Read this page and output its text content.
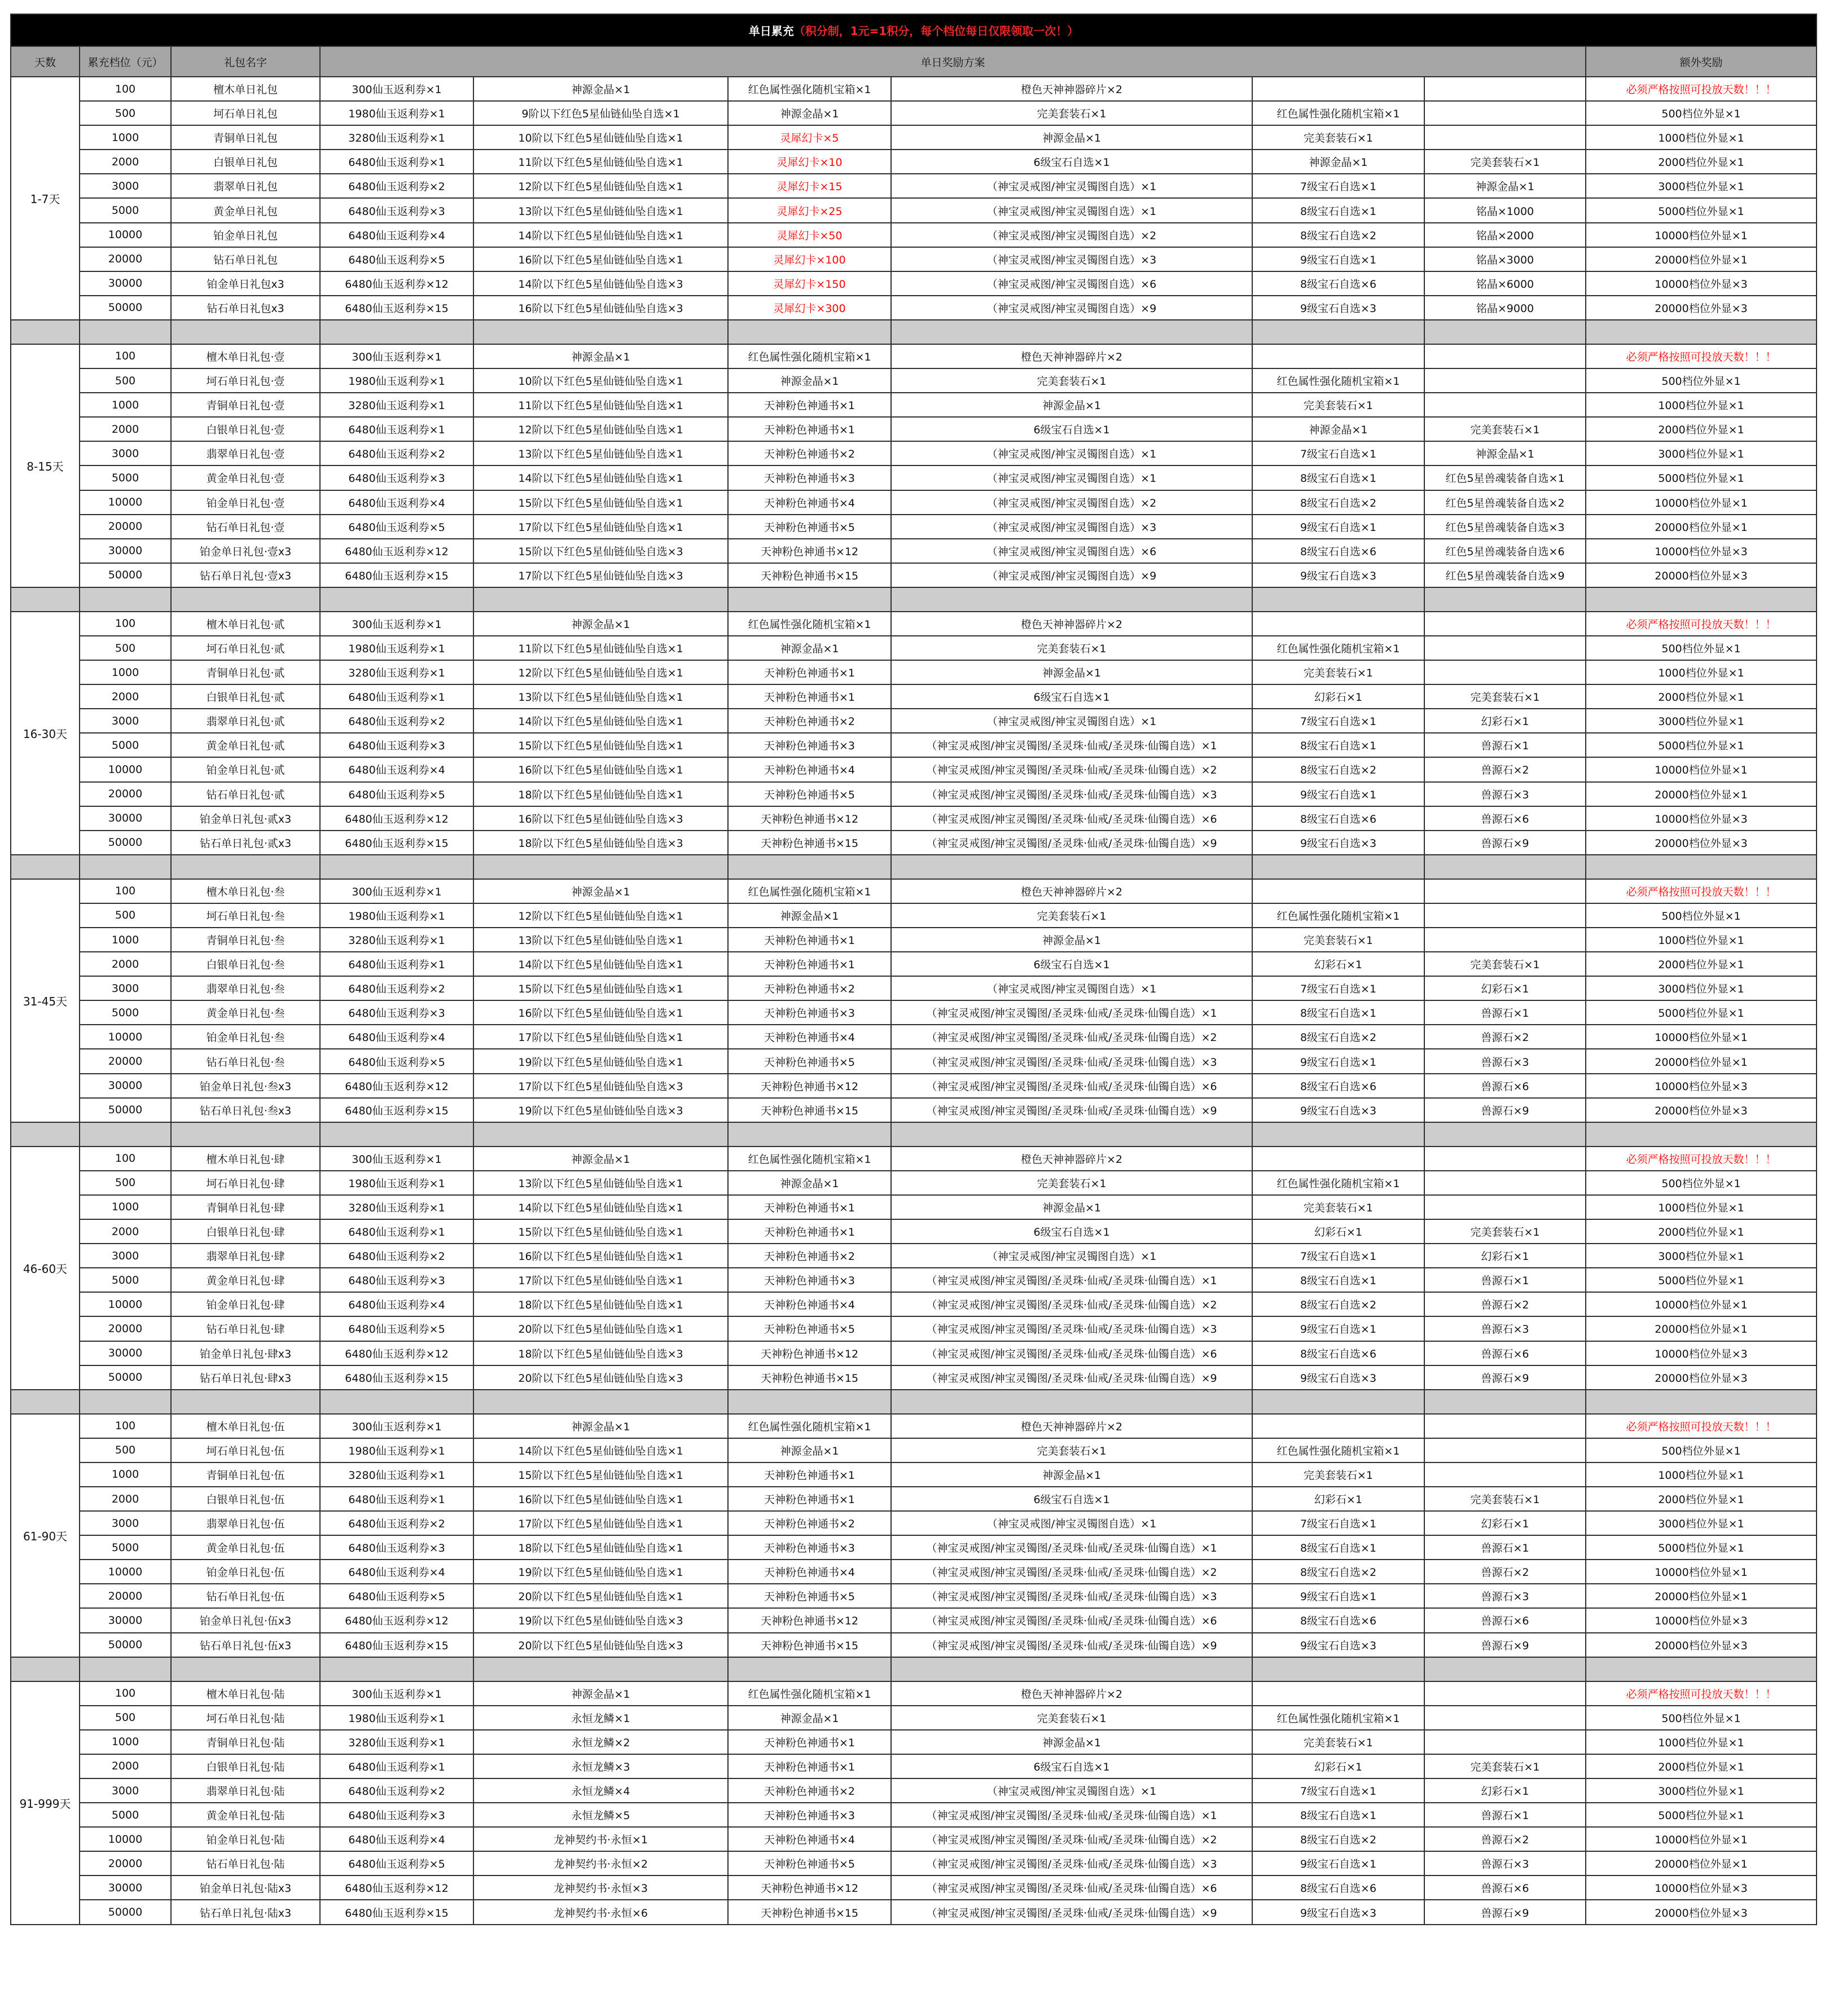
单日累充（积分制，1元=1积分，每个档位每日仅限领取一次！）									
天数	累充档位（元）	礼包名字	单日奖励方案						额外奖励
1-7天	100	檀木单日礼包	300仙玉返利券×1	神源金晶×1	红色属性强化随机宝箱×1	橙色天神神器碎片×2			必须严格按照可投放天数！！！
	500	坷石单日礼包	1980仙玉返利券×1	9阶以下红色5星仙链仙坠自选×1	神源金晶×1	完美套装石×1	红色属性强化随机宝箱×1		500档位外显×1
	1000	青铜单日礼包	3280仙玉返利券×1	10阶以下红色5星仙链仙坠自选×1	灵犀幻卡×5	神源金晶×1	完美套装石×1		1000档位外显×1
	2000	白银单日礼包	6480仙玉返利券×1	11阶以下红色5星仙链仙坠自选×1	灵犀幻卡×10	6级宝石自选×1	神源金晶×1	完美套装石×1	2000档位外显×1
	3000	翡翠单日礼包	6480仙玉返利券×2	12阶以下红色5星仙链仙坠自选×1	灵犀幻卡×15	（神宝灵戒图/神宝灵镯图自选）×1	7级宝石自选×1	神源金晶×1	3000档位外显×1
	5000	黄金单日礼包	6480仙玉返利券×3	13阶以下红色5星仙链仙坠自选×1	灵犀幻卡×25	（神宝灵戒图/神宝灵镯图自选）×1	8级宝石自选×1	铭晶×1000	5000档位外显×1
	10000	铂金单日礼包	6480仙玉返利券×4	14阶以下红色5星仙链仙坠自选×1	灵犀幻卡×50	（神宝灵戒图/神宝灵镯图自选）×2	8级宝石自选×2	铭晶×2000	10000档位外显×1
	20000	钻石单日礼包	6480仙玉返利券×5	16阶以下红色5星仙链仙坠自选×1	灵犀幻卡×100	（神宝灵戒图/神宝灵镯图自选）×3	9级宝石自选×1	铭晶×3000	20000档位外显×1
	30000	铂金单日礼包x3	6480仙玉返利券×12	14阶以下红色5星仙链仙坠自选×3	灵犀幻卡×150	（神宝灵戒图/神宝灵镯图自选）×6	8级宝石自选×6	铭晶×6000	10000档位外显×3
	50000	钻石单日礼包x3	6480仙玉返利券×15	16阶以下红色5星仙链仙坠自选×3	灵犀幻卡×300	（神宝灵戒图/神宝灵镯图自选）×9	9级宝石自选×3	铭晶×9000	20000档位外显×3

8-15天	100	檀木单日礼包·壹	300仙玉返利券×1	神源金晶×1	红色属性强化随机宝箱×1	橙色天神神器碎片×2			必须严格按照可投放天数！！！
	500	坷石单日礼包·壹	1980仙玉返利券×1	10阶以下红色5星仙链仙坠自选×1	神源金晶×1	完美套装石×1	红色属性强化随机宝箱×1		500档位外显×1
	1000	青铜单日礼包·壹	3280仙玉返利券×1	11阶以下红色5星仙链仙坠自选×1	天神粉色神通书×1	神源金晶×1	完美套装石×1		1000档位外显×1
	2000	白银单日礼包·壹	6480仙玉返利券×1	12阶以下红色5星仙链仙坠自选×1	天神粉色神通书×1	6级宝石自选×1	神源金晶×1	完美套装石×1	2000档位外显×1
	3000	翡翠单日礼包·壹	6480仙玉返利券×2	13阶以下红色5星仙链仙坠自选×1	天神粉色神通书×2	（神宝灵戒图/神宝灵镯图自选）×1	7级宝石自选×1	神源金晶×1	3000档位外显×1
	5000	黄金单日礼包·壹	6480仙玉返利券×3	14阶以下红色5星仙链仙坠自选×1	天神粉色神通书×3	（神宝灵戒图/神宝灵镯图自选）×1	8级宝石自选×1	红色5星兽魂装备自选×1	5000档位外显×1
	10000	铂金单日礼包·壹	6480仙玉返利券×4	15阶以下红色5星仙链仙坠自选×1	天神粉色神通书×4	（神宝灵戒图/神宝灵镯图自选）×2	8级宝石自选×2	红色5星兽魂装备自选×2	10000档位外显×1
	20000	钻石单日礼包·壹	6480仙玉返利券×5	17阶以下红色5星仙链仙坠自选×1	天神粉色神通书×5	（神宝灵戒图/神宝灵镯图自选）×3	9级宝石自选×1	红色5星兽魂装备自选×3	20000档位外显×1
	30000	铂金单日礼包·壹x3	6480仙玉返利券×12	15阶以下红色5星仙链仙坠自选×3	天神粉色神通书×12	（神宝灵戒图/神宝灵镯图自选）×6	8级宝石自选×6	红色5星兽魂装备自选×6	10000档位外显×3
	50000	钻石单日礼包·壹x3	6480仙玉返利券×15	17阶以下红色5星仙链仙坠自选×3	天神粉色神通书×15	（神宝灵戒图/神宝灵镯图自选）×9	9级宝石自选×3	红色5星兽魂装备自选×9	20000档位外显×3

16-30天	100	檀木单日礼包·贰	300仙玉返利券×1	神源金晶×1	红色属性强化随机宝箱×1	橙色天神神器碎片×2			必须严格按照可投放天数！！！
	500	坷石单日礼包·贰	1980仙玉返利券×1	11阶以下红色5星仙链仙坠自选×1	神源金晶×1	完美套装石×1	红色属性强化随机宝箱×1		500档位外显×1
	1000	青铜单日礼包·贰	3280仙玉返利券×1	12阶以下红色5星仙链仙坠自选×1	天神粉色神通书×1	神源金晶×1	完美套装石×1		1000档位外显×1
	2000	白银单日礼包·贰	6480仙玉返利券×1	13阶以下红色5星仙链仙坠自选×1	天神粉色神通书×1	6级宝石自选×1	幻彩石×1	完美套装石×1	2000档位外显×1
	3000	翡翠单日礼包·贰	6480仙玉返利券×2	14阶以下红色5星仙链仙坠自选×1	天神粉色神通书×2	（神宝灵戒图/神宝灵镯图自选）×1	7级宝石自选×1	幻彩石×1	3000档位外显×1
	5000	黄金单日礼包·贰	6480仙玉返利券×3	15阶以下红色5星仙链仙坠自选×1	天神粉色神通书×3	（神宝灵戒图/神宝灵镯图/圣灵珠·仙戒/圣灵珠·仙镯自选）×1	8级宝石自选×1	兽源石×1	5000档位外显×1
	10000	铂金单日礼包·贰	6480仙玉返利券×4	16阶以下红色5星仙链仙坠自选×1	天神粉色神通书×4	（神宝灵戒图/神宝灵镯图/圣灵珠·仙戒/圣灵珠·仙镯自选）×2	8级宝石自选×2	兽源石×2	10000档位外显×1
	20000	钻石单日礼包·贰	6480仙玉返利券×5	18阶以下红色5星仙链仙坠自选×1	天神粉色神通书×5	（神宝灵戒图/神宝灵镯图/圣灵珠·仙戒/圣灵珠·仙镯自选）×3	9级宝石自选×1	兽源石×3	20000档位外显×1
	30000	铂金单日礼包·贰x3	6480仙玉返利券×12	16阶以下红色5星仙链仙坠自选×3	天神粉色神通书×12	（神宝灵戒图/神宝灵镯图/圣灵珠·仙戒/圣灵珠·仙镯自选）×6	8级宝石自选×6	兽源石×6	10000档位外显×3
	50000	钻石单日礼包·贰x3	6480仙玉返利券×15	18阶以下红色5星仙链仙坠自选×3	天神粉色神通书×15	（神宝灵戒图/神宝灵镯图/圣灵珠·仙戒/圣灵珠·仙镯自选）×9	9级宝石自选×3	兽源石×9	20000档位外显×3

31-45天	100	檀木单日礼包·叁	300仙玉返利券×1	神源金晶×1	红色属性强化随机宝箱×1	橙色天神神器碎片×2			必须严格按照可投放天数！！！
	500	坷石单日礼包·叁	1980仙玉返利券×1	12阶以下红色5星仙链仙坠自选×1	神源金晶×1	完美套装石×1	红色属性强化随机宝箱×1		500档位外显×1
	1000	青铜单日礼包·叁	3280仙玉返利券×1	13阶以下红色5星仙链仙坠自选×1	天神粉色神通书×1	神源金晶×1	完美套装石×1		1000档位外显×1
	2000	白银单日礼包·叁	6480仙玉返利券×1	14阶以下红色5星仙链仙坠自选×1	天神粉色神通书×1	6级宝石自选×1	幻彩石×1	完美套装石×1	2000档位外显×1
	3000	翡翠单日礼包·叁	6480仙玉返利券×2	15阶以下红色5星仙链仙坠自选×1	天神粉色神通书×2	（神宝灵戒图/神宝灵镯图自选）×1	7级宝石自选×1	幻彩石×1	3000档位外显×1
	5000	黄金单日礼包·叁	6480仙玉返利券×3	16阶以下红色5星仙链仙坠自选×1	天神粉色神通书×3	（神宝灵戒图/神宝灵镯图/圣灵珠·仙戒/圣灵珠·仙镯自选）×1	8级宝石自选×1	兽源石×1	5000档位外显×1
	10000	铂金单日礼包·叁	6480仙玉返利券×4	17阶以下红色5星仙链仙坠自选×1	天神粉色神通书×4	（神宝灵戒图/神宝灵镯图/圣灵珠·仙戒/圣灵珠·仙镯自选）×2	8级宝石自选×2	兽源石×2	10000档位外显×1
	20000	钻石单日礼包·叁	6480仙玉返利券×5	19阶以下红色5星仙链仙坠自选×1	天神粉色神通书×5	（神宝灵戒图/神宝灵镯图/圣灵珠·仙戒/圣灵珠·仙镯自选）×3	9级宝石自选×1	兽源石×3	20000档位外显×1
	30000	铂金单日礼包·叁x3	6480仙玉返利券×12	17阶以下红色5星仙链仙坠自选×3	天神粉色神通书×12	（神宝灵戒图/神宝灵镯图/圣灵珠·仙戒/圣灵珠·仙镯自选）×6	8级宝石自选×6	兽源石×6	10000档位外显×3
	50000	钻石单日礼包·叁x3	6480仙玉返利券×15	19阶以下红色5星仙链仙坠自选×3	天神粉色神通书×15	（神宝灵戒图/神宝灵镯图/圣灵珠·仙戒/圣灵珠·仙镯自选）×9	9级宝石自选×3	兽源石×9	20000档位外显×3

46-60天	100	檀木单日礼包·肆	300仙玉返利券×1	神源金晶×1	红色属性强化随机宝箱×1	橙色天神神器碎片×2			必须严格按照可投放天数！！！
	500	坷石单日礼包·肆	1980仙玉返利券×1	13阶以下红色5星仙链仙坠自选×1	神源金晶×1	完美套装石×1	红色属性强化随机宝箱×1		500档位外显×1
	1000	青铜单日礼包·肆	3280仙玉返利券×1	14阶以下红色5星仙链仙坠自选×1	天神粉色神通书×1	神源金晶×1	完美套装石×1		1000档位外显×1
	2000	白银单日礼包·肆	6480仙玉返利券×1	15阶以下红色5星仙链仙坠自选×1	天神粉色神通书×1	6级宝石自选×1	幻彩石×1	完美套装石×1	2000档位外显×1
	3000	翡翠单日礼包·肆	6480仙玉返利券×2	16阶以下红色5星仙链仙坠自选×1	天神粉色神通书×2	（神宝灵戒图/神宝灵镯图自选）×1	7级宝石自选×1	幻彩石×1	3000档位外显×1
	5000	黄金单日礼包·肆	6480仙玉返利券×3	17阶以下红色5星仙链仙坠自选×1	天神粉色神通书×3	（神宝灵戒图/神宝灵镯图/圣灵珠·仙戒/圣灵珠·仙镯自选）×1	8级宝石自选×1	兽源石×1	5000档位外显×1
	10000	铂金单日礼包·肆	6480仙玉返利券×4	18阶以下红色5星仙链仙坠自选×1	天神粉色神通书×4	（神宝灵戒图/神宝灵镯图/圣灵珠·仙戒/圣灵珠·仙镯自选）×2	8级宝石自选×2	兽源石×2	10000档位外显×1
	20000	钻石单日礼包·肆	6480仙玉返利券×5	20阶以下红色5星仙链仙坠自选×1	天神粉色神通书×5	（神宝灵戒图/神宝灵镯图/圣灵珠·仙戒/圣灵珠·仙镯自选）×3	9级宝石自选×1	兽源石×3	20000档位外显×1
	30000	铂金单日礼包·肆x3	6480仙玉返利券×12	18阶以下红色5星仙链仙坠自选×3	天神粉色神通书×12	（神宝灵戒图/神宝灵镯图/圣灵珠·仙戒/圣灵珠·仙镯自选）×6	8级宝石自选×6	兽源石×6	10000档位外显×3
	50000	钻石单日礼包·肆x3	6480仙玉返利券×15	20阶以下红色5星仙链仙坠自选×3	天神粉色神通书×15	（神宝灵戒图/神宝灵镯图/圣灵珠·仙戒/圣灵珠·仙镯自选）×9	9级宝石自选×3	兽源石×9	20000档位外显×3

61-90天	100	檀木单日礼包·伍	300仙玉返利券×1	神源金晶×1	红色属性强化随机宝箱×1	橙色天神神器碎片×2			必须严格按照可投放天数！！！
	500	坷石单日礼包·伍	1980仙玉返利券×1	14阶以下红色5星仙链仙坠自选×1	神源金晶×1	完美套装石×1	红色属性强化随机宝箱×1		500档位外显×1
	1000	青铜单日礼包·伍	3280仙玉返利券×1	15阶以下红色5星仙链仙坠自选×1	天神粉色神通书×1	神源金晶×1	完美套装石×1		1000档位外显×1
	2000	白银单日礼包·伍	6480仙玉返利券×1	16阶以下红色5星仙链仙坠自选×1	天神粉色神通书×1	6级宝石自选×1	幻彩石×1	完美套装石×1	2000档位外显×1
	3000	翡翠单日礼包·伍	6480仙玉返利券×2	17阶以下红色5星仙链仙坠自选×1	天神粉色神通书×2	（神宝灵戒图/神宝灵镯图自选）×1	7级宝石自选×1	幻彩石×1	3000档位外显×1
	5000	黄金单日礼包·伍	6480仙玉返利券×3	18阶以下红色5星仙链仙坠自选×1	天神粉色神通书×3	（神宝灵戒图/神宝灵镯图/圣灵珠·仙戒/圣灵珠·仙镯自选）×1	8级宝石自选×1	兽源石×1	5000档位外显×1
	10000	铂金单日礼包·伍	6480仙玉返利券×4	19阶以下红色5星仙链仙坠自选×1	天神粉色神通书×4	（神宝灵戒图/神宝灵镯图/圣灵珠·仙戒/圣灵珠·仙镯自选）×2	8级宝石自选×2	兽源石×2	10000档位外显×1
	20000	钻石单日礼包·伍	6480仙玉返利券×5	20阶以下红色5星仙链仙坠自选×1	天神粉色神通书×5	（神宝灵戒图/神宝灵镯图/圣灵珠·仙戒/圣灵珠·仙镯自选）×3	9级宝石自选×1	兽源石×3	20000档位外显×1
	30000	铂金单日礼包·伍x3	6480仙玉返利券×12	19阶以下红色5星仙链仙坠自选×3	天神粉色神通书×12	（神宝灵戒图/神宝灵镯图/圣灵珠·仙戒/圣灵珠·仙镯自选）×6	8级宝石自选×6	兽源石×6	10000档位外显×3
	50000	钻石单日礼包·伍x3	6480仙玉返利券×15	20阶以下红色5星仙链仙坠自选×3	天神粉色神通书×15	（神宝灵戒图/神宝灵镯图/圣灵珠·仙戒/圣灵珠·仙镯自选）×9	9级宝石自选×3	兽源石×9	20000档位外显×3

91-999天	100	檀木单日礼包·陆	300仙玉返利券×1	神源金晶×1	红色属性强化随机宝箱×1	橙色天神神器碎片×2			必须严格按照可投放天数！！！
	500	坷石单日礼包·陆	1980仙玉返利券×1	永恒龙鳞×1	神源金晶×1	完美套装石×1	红色属性强化随机宝箱×1		500档位外显×1
	1000	青铜单日礼包·陆	3280仙玉返利券×1	永恒龙鳞×2	天神粉色神通书×1	神源金晶×1	完美套装石×1		1000档位外显×1
	2000	白银单日礼包·陆	6480仙玉返利券×1	永恒龙鳞×3	天神粉色神通书×1	6级宝石自选×1	幻彩石×1	完美套装石×1	2000档位外显×1
	3000	翡翠单日礼包·陆	6480仙玉返利券×2	永恒龙鳞×4	天神粉色神通书×2	（神宝灵戒图/神宝灵镯图自选）×1	7级宝石自选×1	幻彩石×1	3000档位外显×1
	5000	黄金单日礼包·陆	6480仙玉返利券×3	永恒龙鳞×5	天神粉色神通书×3	（神宝灵戒图/神宝灵镯图/圣灵珠·仙戒/圣灵珠·仙镯自选）×1	8级宝石自选×1	兽源石×1	5000档位外显×1
	10000	铂金单日礼包·陆	6480仙玉返利券×4	龙神契约书·永恒×1	天神粉色神通书×4	（神宝灵戒图/神宝灵镯图/圣灵珠·仙戒/圣灵珠·仙镯自选）×2	8级宝石自选×2	兽源石×2	10000档位外显×1
	20000	钻石单日礼包·陆	6480仙玉返利券×5	龙神契约书·永恒×2	天神粉色神通书×5	（神宝灵戒图/神宝灵镯图/圣灵珠·仙戒/圣灵珠·仙镯自选）×3	9级宝石自选×1	兽源石×3	20000档位外显×1
	30000	铂金单日礼包·陆x3	6480仙玉返利券×12	龙神契约书·永恒×3	天神粉色神通书×12	（神宝灵戒图/神宝灵镯图/圣灵珠·仙戒/圣灵珠·仙镯自选）×6	8级宝石自选×6	兽源石×6	10000档位外显×3
	50000	钻石单日礼包·陆x3	6480仙玉返利券×15	龙神契约书·永恒×6	天神粉色神通书×15	（神宝灵戒图/神宝灵镯图/圣灵珠·仙戒/圣灵珠·仙镯自选）×9	9级宝石自选×3	兽源石×9	20000档位外显×3
